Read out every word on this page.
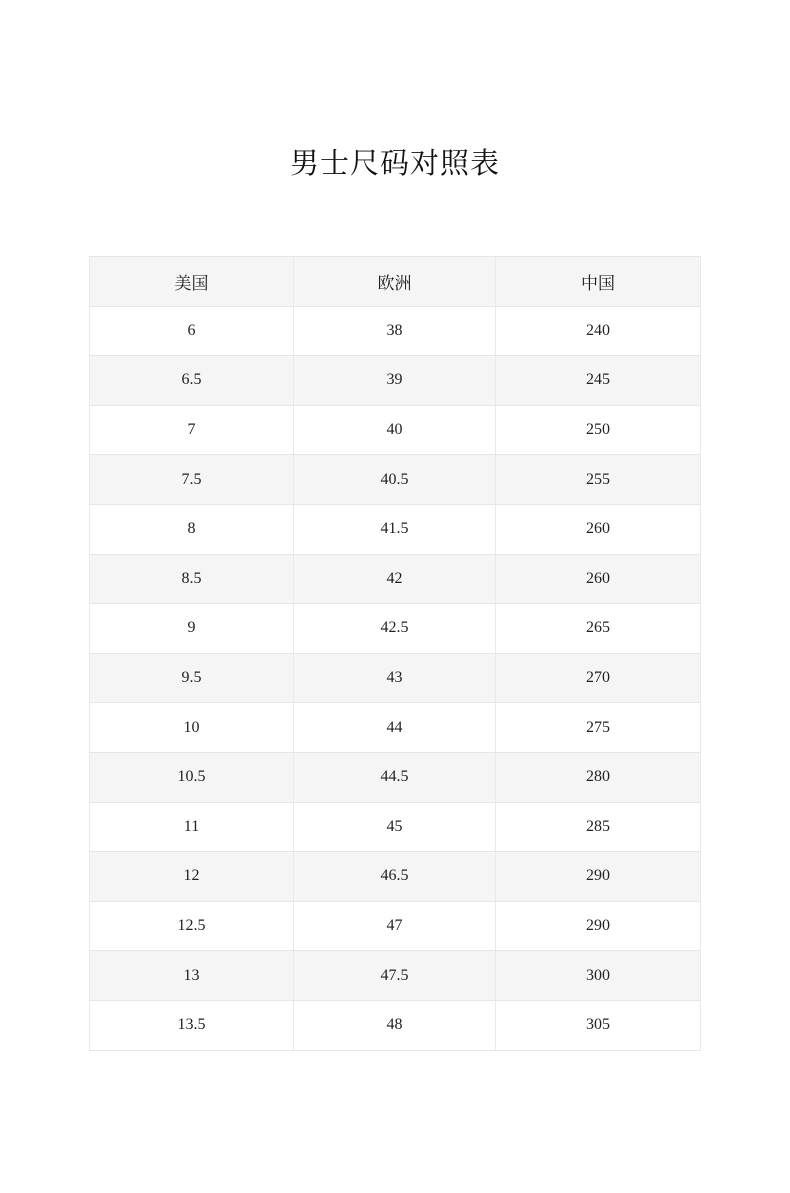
男士尺码对照表
美国	欧洲	中国
6	38	240
6.5	39	245
7	40	250
7.5	40.5	255
8	41.5	260
8.5	42	260
9	42.5	265
9.5	43	270
10	44	275
10.5	44.5	280
11	45	285
12	46.5	290
12.5	47	290
13	47.5	300
13.5	48	305
